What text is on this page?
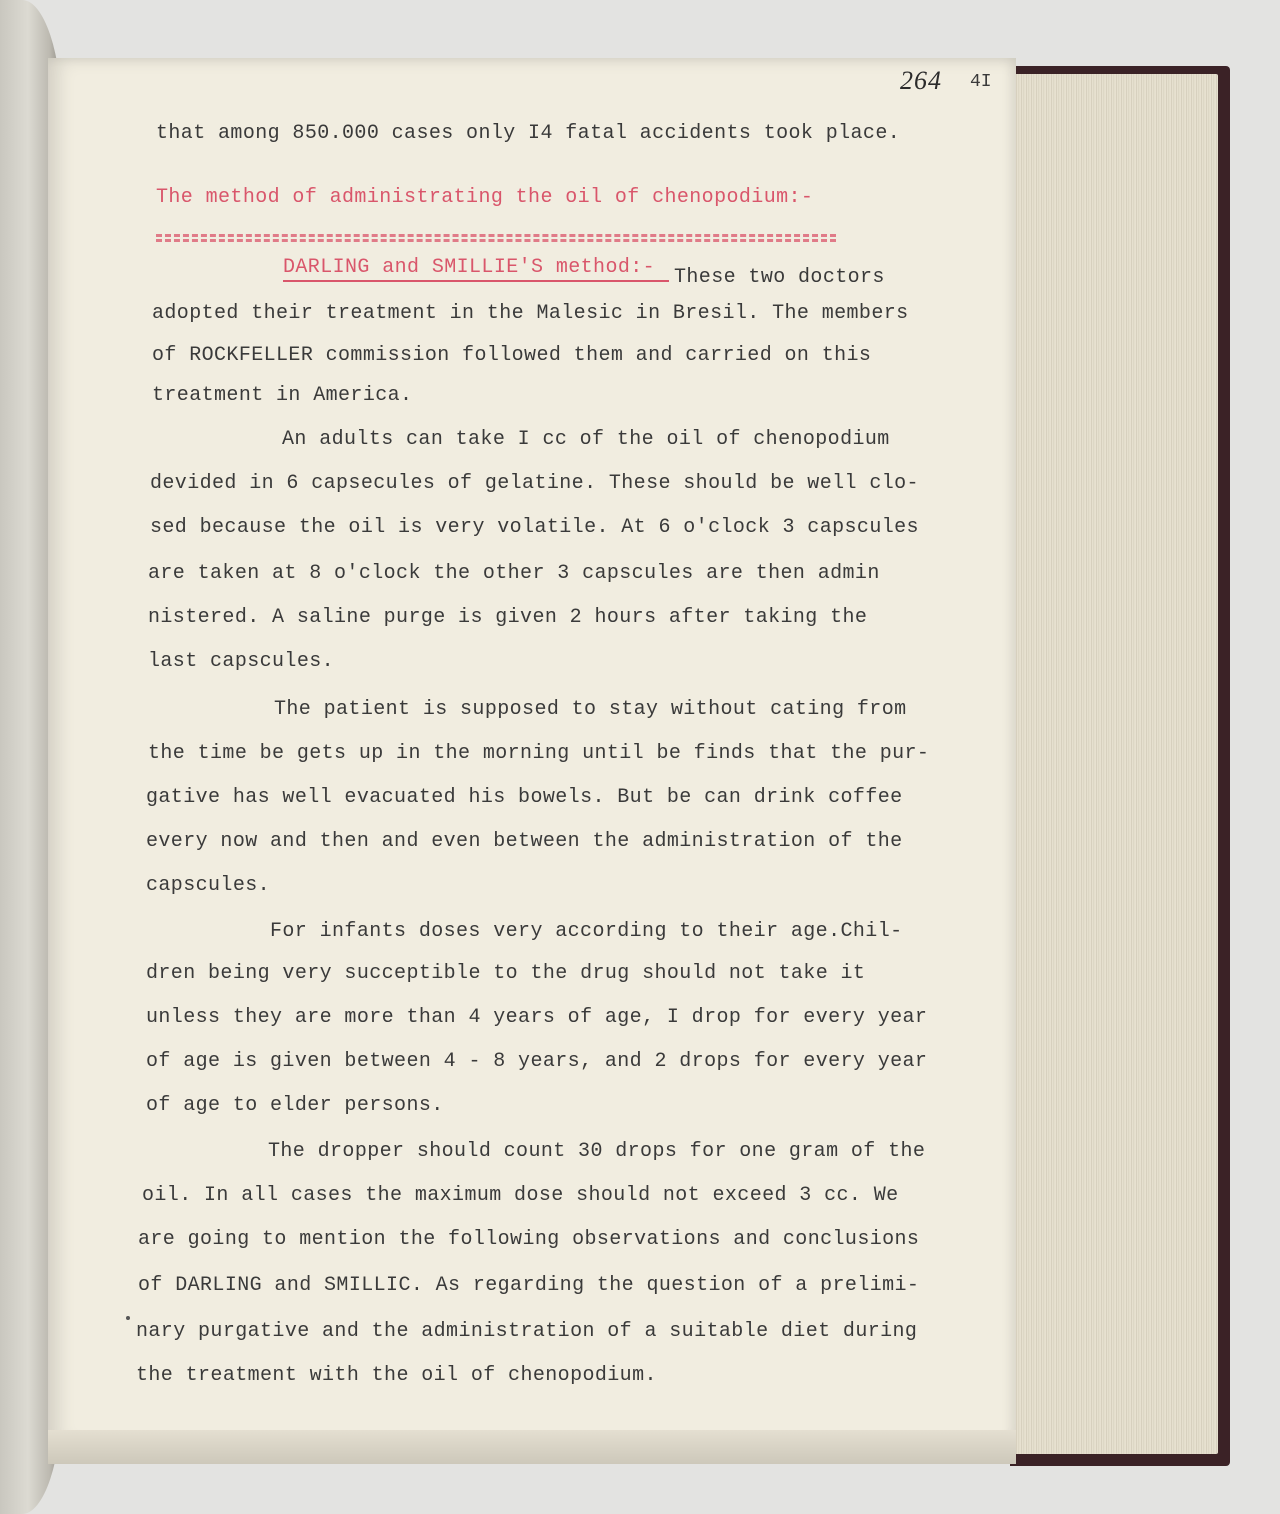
264 4I
that among 850.000 cases only I4 fatal accidents took place.
The method of administrating the oil of chenopodium:-
DARLING and SMILLIE'S method:- These two doctors
adopted their treatment in the Malesic in Bresil. The members
of ROCKFELLER commission followed them and carried on this
treatment in America.
An adults can take I cc of the oil of chenopodium
devided in 6 capsecules of gelatine. These should be well clo-
sed because the oil is very volatile. At 6 o'clock 3 capscules
are taken at 8 o'clock the other 3 capscules are then admin
nistered. A saline purge is given 2 hours after taking the
last capscules.
The patient is supposed to stay without cating from
the time be gets up in the morning until be finds that the pur-
gative has well evacuated his bowels. But be can drink coffee
every now and then and even between the administration of the
capscules.
For infants doses very according to their age.Chil-
dren being very succeptible to the drug should not take it
unless they are more than 4 years of age, I drop for every year
of age is given between 4 - 8 years, and 2 drops for every year
of age to elder persons.
The dropper should count 30 drops for one gram of the
oil. In all cases the maximum dose should not exceed 3 cc. We
are going to mention the following observations and conclusions
of DARLING and SMILLIC. As regarding the question of a prelimi-
nary purgative and the administration of a suitable diet during
the treatment with the oil of chenopodium.
